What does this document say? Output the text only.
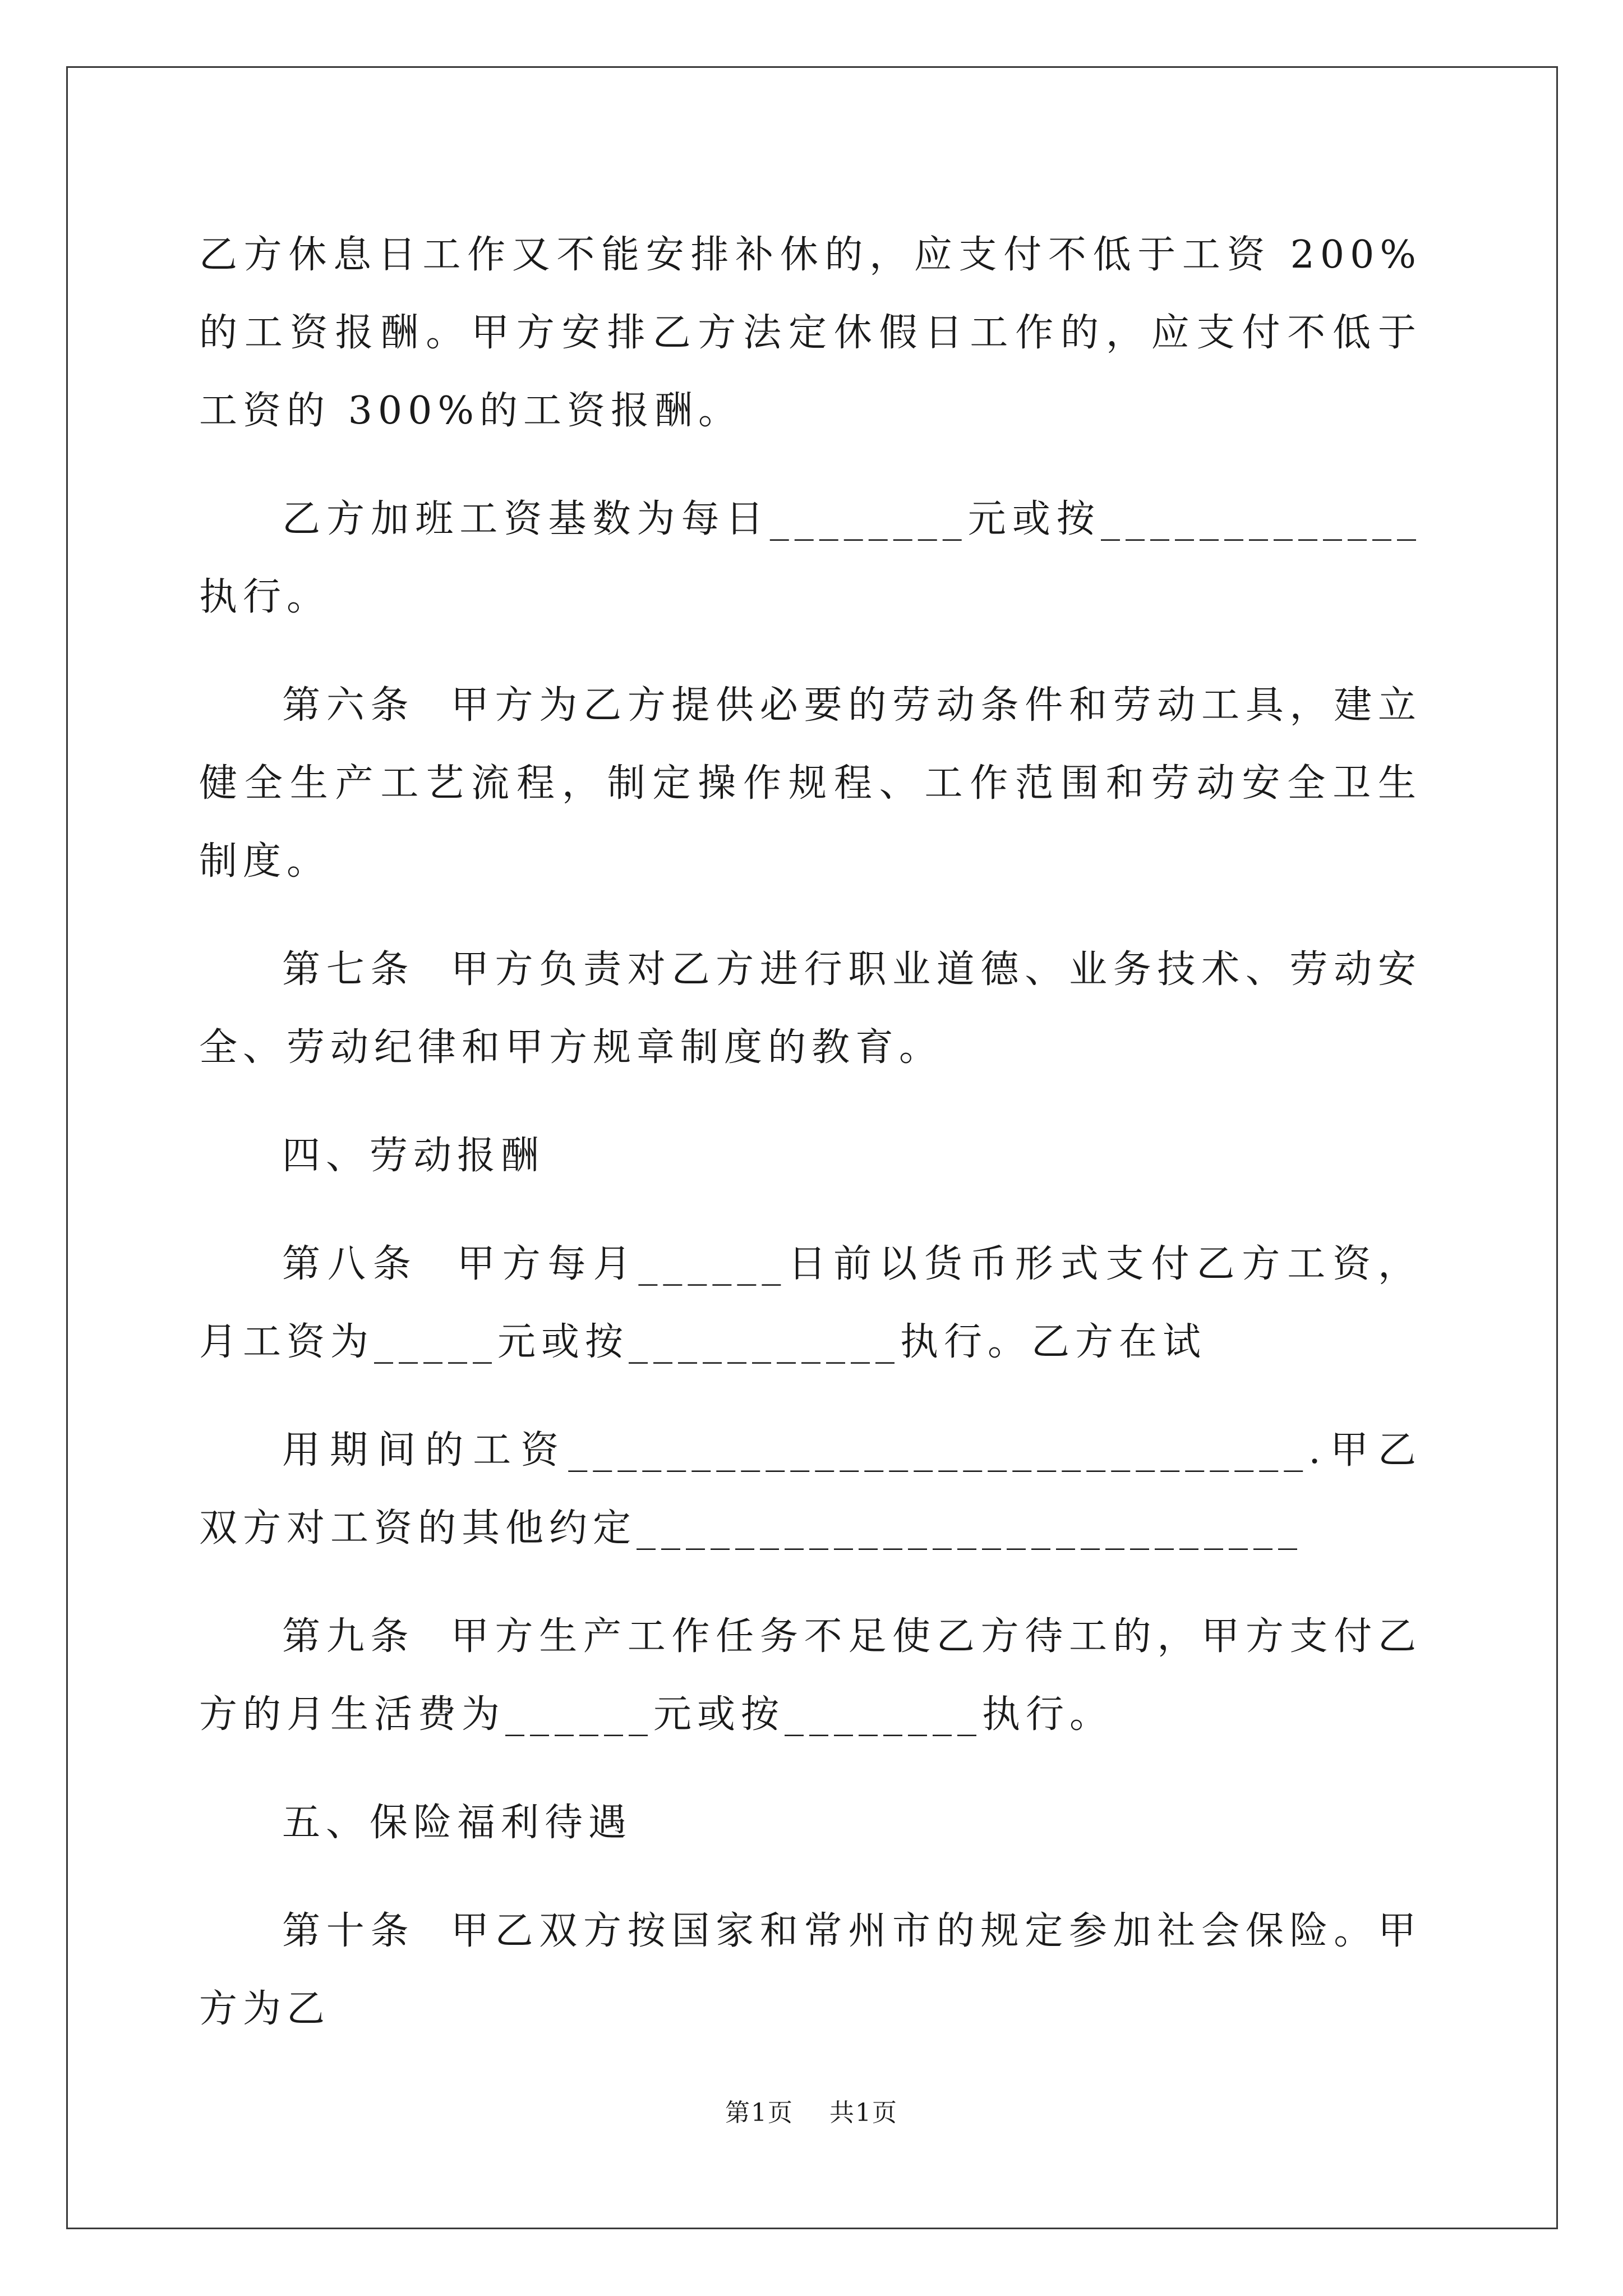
乙方休息日工作又不能安排补休的，应支付不低于工资 200%的工资报酬。甲方安排乙方法定休假日工作的，应支付不低于工资的 300%的工资报酬。

乙方加班工资基数为每日________元或按_____________执行。

第六条  甲方为乙方提供必要的劳动条件和劳动工具，建立健全生产工艺流程，制定操作规程、工作范围和劳动安全卫生制度。

第七条  甲方负责对乙方进行职业道德、业务技术、劳动安全、劳动纪律和甲方规章制度的教育。

四、劳动报酬

第八条  甲方每月______日前以货币形式支付乙方工资，月工资为_____元或按___________执行。乙方在试

用期间的工资______________________________.甲乙双方对工资的其他约定___________________________

第九条  甲方生产工作任务不足使乙方待工的，甲方支付乙方的月生活费为______元或按________执行。

五、保险福利待遇

第十条  甲乙双方按国家和常州市的规定参加社会保险。甲方为乙

第1页    共1页
